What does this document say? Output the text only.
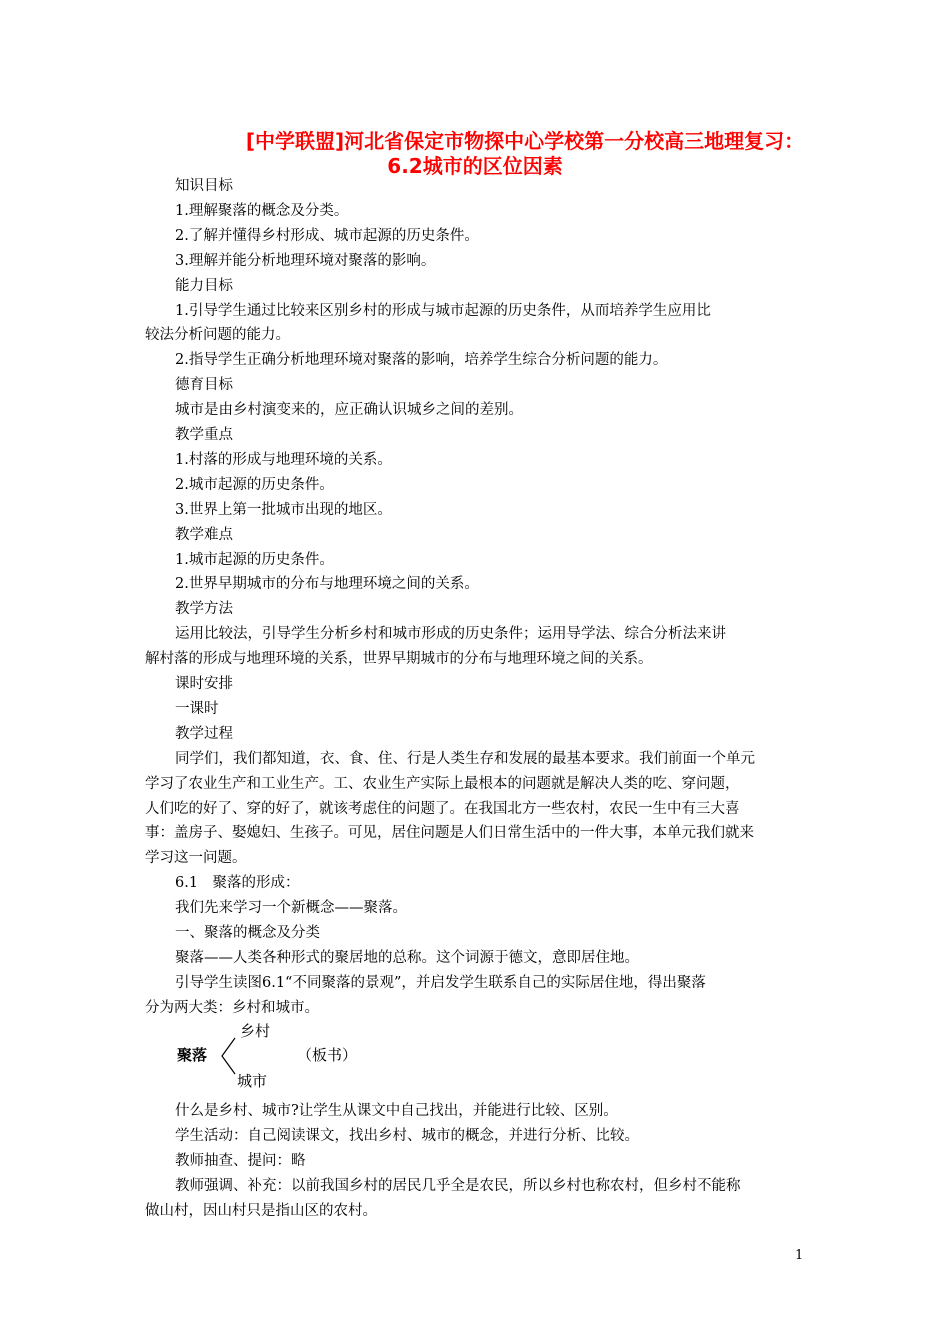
[中学联盟]河北省保定市物探中心学校第一分校高三地理复习：
6.2城市的区位因素
知识目标
1.理解聚落的概念及分类。
2.了解并懂得乡村形成、城市起源的历史条件。
3.理解并能分析地理环境对聚落的影响。
能力目标
1.引导学生通过比较来区别乡村的形成与城市起源的历史条件，从而培养学生应用比
较法分析问题的能力。
2.指导学生正确分析地理环境对聚落的影响，培养学生综合分析问题的能力。
德育目标
城市是由乡村演变来的，应正确认识城乡之间的差别。
教学重点
1.村落的形成与地理环境的关系。
2.城市起源的历史条件。
3.世界上第一批城市出现的地区。
教学难点
1.城市起源的历史条件。
2.世界早期城市的分布与地理环境之间的关系。
教学方法
运用比较法，引导学生分析乡村和城市形成的历史条件；运用导学法、综合分析法来讲
解村落的形成与地理环境的关系，世界早期城市的分布与地理环境之间的关系。
课时安排
一课时
教学过程
同学们，我们都知道，衣、食、住、行是人类生存和发展的最基本要求。我们前面一个单元
学习了农业生产和工业生产。工、农业生产实际上最根本的问题就是解决人类的吃、穿问题，
人们吃的好了、穿的好了，就该考虑住的问题了。在我国北方一些农村，农民一生中有三大喜
事：盖房子、娶媳妇、生孩子。可见，居住问题是人们日常生活中的一件大事，本单元我们就来
学习这一问题。
6.1　聚落的形成：
我们先来学习一个新概念——聚落。
一、聚落的概念及分类
聚落——人类各种形式的聚居地的总称。这个词源于德文，意即居住地。
引导学生读图6.1“不同聚落的景观”，并启发学生联系自己的实际居住地，得出聚落
分为两大类：乡村和城市。
乡村
聚落	（板书）
城市
什么是乡村、城市?让学生从课文中自己找出，并能进行比较、区别。
学生活动：自己阅读课文，找出乡村、城市的概念，并进行分析、比较。
教师抽查、提问：略
教师强调、补充：以前我国乡村的居民几乎全是农民，所以乡村也称农村，但乡村不能称
做山村，因山村只是指山区的农村。
1
